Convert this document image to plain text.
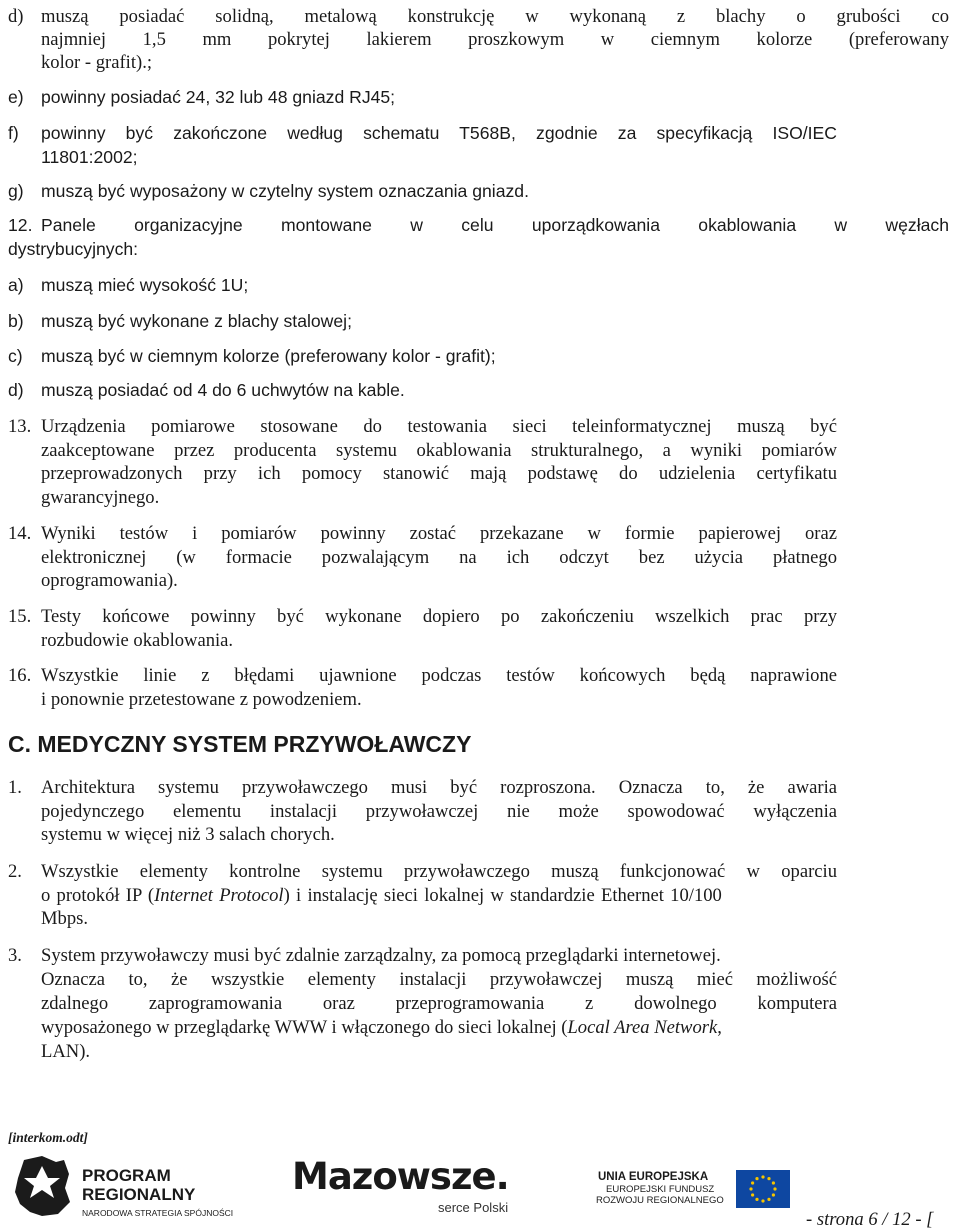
d) muszą posiadać solidną, metalową konstrukcję w wykonaną z blachy o grubości co
najmniej 1,5 mm pokrytej lakierem proszkowym w ciemnym kolorze (preferowany
kolor - grafit).;
e) powinny posiadać 24, 32 lub 48 gniazd RJ45;
f) powinny być zakończone według schematu T568B, zgodnie za specyfikacją ISO/IEC
11801:2002;
g) muszą być wyposażony w czytelny system oznaczania gniazd.
12. Panele organizacyjne montowane w celu uporządkowania okablowania w węzłach
dystrybucyjnych:
a) muszą mieć wysokość 1U;
b) muszą być wykonane z blachy stalowej;
c) muszą być w ciemnym kolorze (preferowany kolor - grafit);
d) muszą posiadać od 4 do 6 uchwytów na kable.
13. Urządzenia pomiarowe stosowane do testowania sieci teleinformatycznej muszą być
zaakceptowane przez producenta systemu okablowania strukturalnego, a wyniki pomiarów
przeprowadzonych przy ich pomocy stanowić mają podstawę do udzielenia certyfikatu
gwarancyjnego.
14. Wyniki testów i pomiarów powinny zostać przekazane w formie papierowej oraz
elektronicznej (w formacie pozwalającym na ich odczyt bez użycia płatnego
oprogramowania).
15. Testy końcowe powinny być wykonane dopiero po zakończeniu wszelkich prac przy
rozbudowie okablowania.
16. Wszystkie linie z błędami ujawnione podczas testów końcowych będą naprawione
i ponownie przetestowane z powodzeniem.
C. MEDYCZNY SYSTEM PRZYWOŁAWCZY
1. Architektura systemu przywoławczego musi być rozproszona. Oznacza to, że awaria
pojedynczego elementu instalacji przywoławczej nie może spowodować wyłączenia
systemu w więcej niż 3 salach chorych.
2. Wszystkie elementy kontrolne systemu przywoławczego muszą funkcjonować w oparciu
o protokół IP (Internet Protocol) i instalację sieci lokalnej w standardzie Ethernet 10/100
Mbps.
3. System przywoławczy musi być zdalnie zarządzalny, za pomocą przeglądarki internetowej.
Oznacza to, że wszystkie elementy instalacji przywoławczej muszą mieć możliwość
zdalnego zaprogramowania oraz przeprogramowania z dowolnego komputera
wyposażonego w przeglądarkę WWW i włączonego do sieci lokalnej (Local Area Network,
LAN).
[interkom.odt]
PROGRAM
REGIONALNY
NARODOWA STRATEGIA SPÓJNOŚCI
Mazowsze.
serce Polski
UNIA EUROPEJSKA
EUROPEJSKI FUNDUSZ
ROZWOJU REGIONALNEGO
- strona 6 / 12 - [
